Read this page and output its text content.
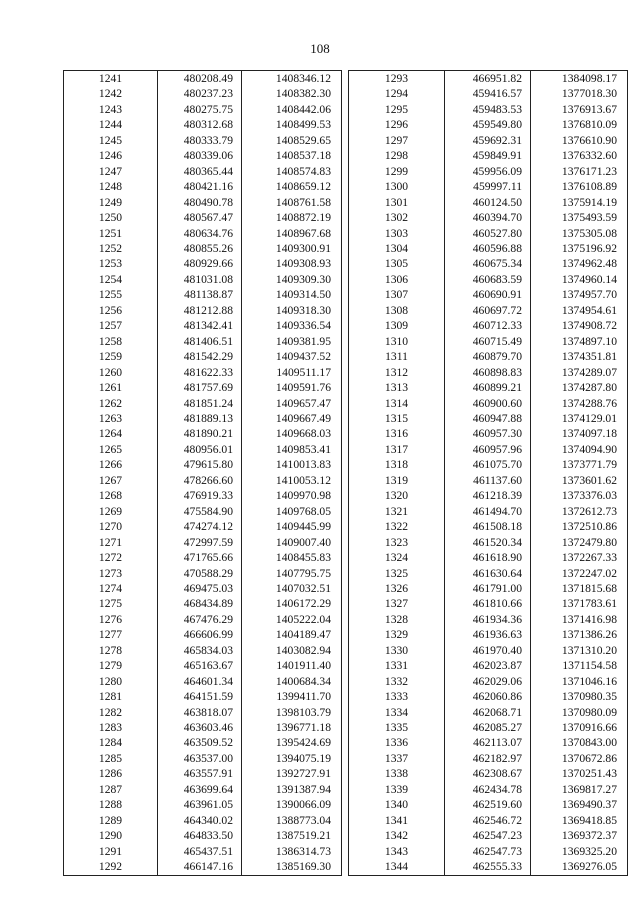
108
1241	480208.49	1408346.12
1242	480237.23	1408382.30
1243	480275.75	1408442.06
1244	480312.68	1408499.53
1245	480333.79	1408529.65
1246	480339.06	1408537.18
1247	480365.44	1408574.83
1248	480421.16	1408659.12
1249	480490.78	1408761.58
1250	480567.47	1408872.19
1251	480634.76	1408967.68
1252	480855.26	1409300.91
1253	480929.66	1409308.93
1254	481031.08	1409309.30
1255	481138.87	1409314.50
1256	481212.88	1409318.30
1257	481342.41	1409336.54
1258	481406.51	1409381.95
1259	481542.29	1409437.52
1260	481622.33	1409511.17
1261	481757.69	1409591.76
1262	481851.24	1409657.47
1263	481889.13	1409667.49
1264	481890.21	1409668.03
1265	480956.01	1409853.41
1266	479615.80	1410013.83
1267	478266.60	1410053.12
1268	476919.33	1409970.98
1269	475584.90	1409768.05
1270	474274.12	1409445.99
1271	472997.59	1409007.40
1272	471765.66	1408455.83
1273	470588.29	1407795.75
1274	469475.03	1407032.51
1275	468434.89	1406172.29
1276	467476.29	1405222.04
1277	466606.99	1404189.47
1278	465834.03	1403082.94
1279	465163.67	1401911.40
1280	464601.34	1400684.34
1281	464151.59	1399411.70
1282	463818.07	1398103.79
1283	463603.46	1396771.18
1284	463509.52	1395424.69
1285	463537.00	1394075.19
1286	463557.91	1392727.91
1287	463699.64	1391387.94
1288	463961.05	1390066.09
1289	464340.02	1388773.04
1290	464833.50	1387519.21
1291	465437.51	1386314.73
1292	466147.16	1385169.30
1293	466951.82	1384098.17
1294	459416.57	1377018.30
1295	459483.53	1376913.67
1296	459549.80	1376810.09
1297	459692.31	1376610.90
1298	459849.91	1376332.60
1299	459956.09	1376171.23
1300	459997.11	1376108.89
1301	460124.50	1375914.19
1302	460394.70	1375493.59
1303	460527.80	1375305.08
1304	460596.88	1375196.92
1305	460675.34	1374962.48
1306	460683.59	1374960.14
1307	460690.91	1374957.70
1308	460697.72	1374954.61
1309	460712.33	1374908.72
1310	460715.49	1374897.10
1311	460879.70	1374351.81
1312	460898.83	1374289.07
1313	460899.21	1374287.80
1314	460900.60	1374288.76
1315	460947.88	1374129.01
1316	460957.30	1374097.18
1317	460957.96	1374094.90
1318	461075.70	1373771.79
1319	461137.60	1373601.62
1320	461218.39	1373376.03
1321	461494.70	1372612.73
1322	461508.18	1372510.86
1323	461520.34	1372479.80
1324	461618.90	1372267.33
1325	461630.64	1372247.02
1326	461791.00	1371815.68
1327	461810.66	1371783.61
1328	461934.36	1371416.98
1329	461936.63	1371386.26
1330	461970.40	1371310.20
1331	462023.87	1371154.58
1332	462029.06	1371046.16
1333	462060.86	1370980.35
1334	462068.71	1370980.09
1335	462085.27	1370916.66
1336	462113.07	1370843.00
1337	462182.97	1370672.86
1338	462308.67	1370251.43
1339	462434.78	1369817.27
1340	462519.60	1369490.37
1341	462546.72	1369418.85
1342	462547.23	1369372.37
1343	462547.73	1369325.20
1344	462555.33	1369276.05
